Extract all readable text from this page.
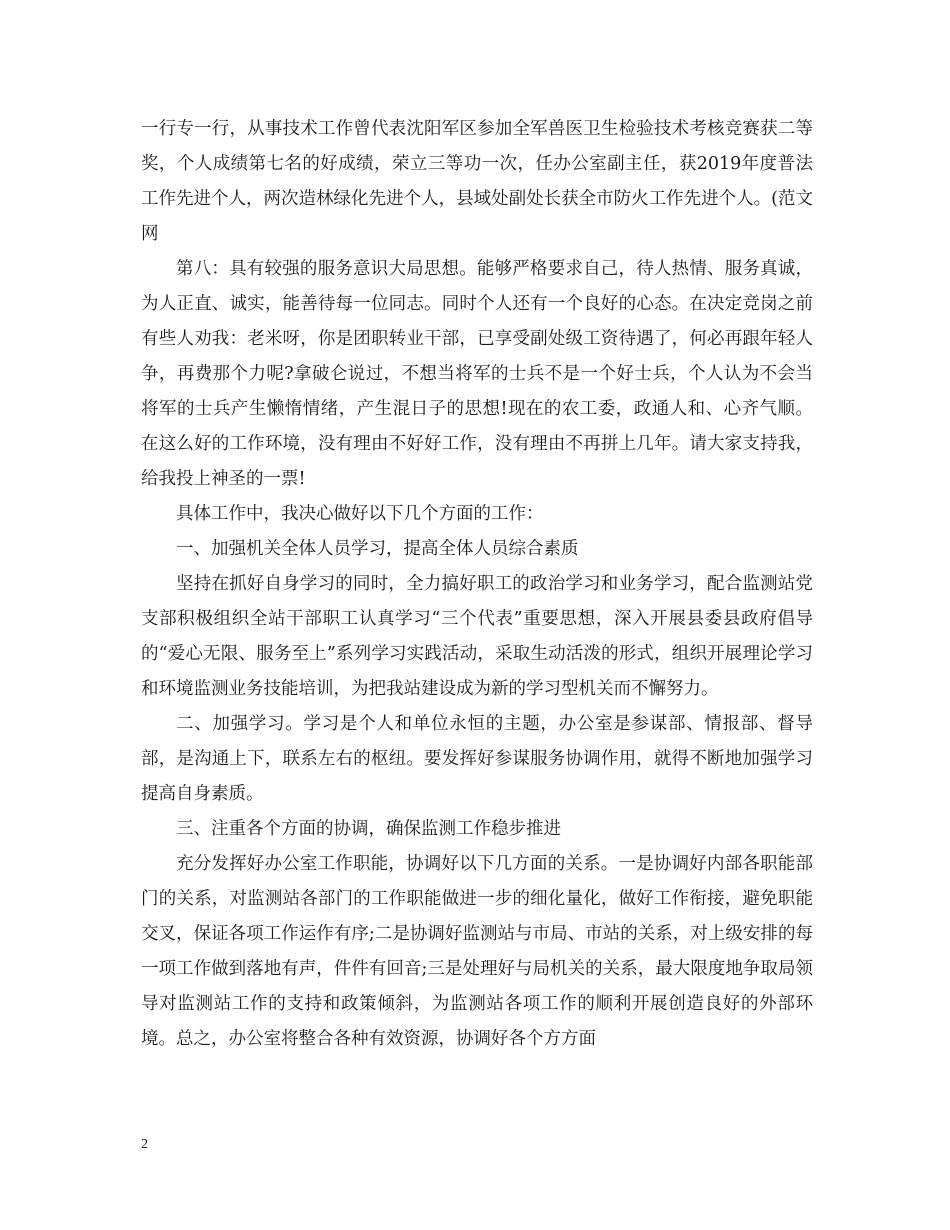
一行专一行，从事技术工作曾代表沈阳军区参加全军兽医卫生检验技术考核竞赛获二等奖，个人成绩第七名的好成绩，荣立三等功一次，任办公室副主任，获2019年度普法工作先进个人，两次造林绿化先进个人，县域处副处长获全市防火工作先进个人。(范文网

第八：具有较强的服务意识大局思想。能够严格要求自己，待人热情、服务真诚，为人正直、诚实，能善待每一位同志。同时个人还有一个良好的心态。在决定竞岗之前有些人劝我：老米呀，你是团职转业干部，已享受副处级工资待遇了，何必再跟年轻人争，再费那个力呢?拿破仑说过，不想当将军的士兵不是一个好士兵，个人认为不会当将军的士兵产生懒惰情绪，产生混日子的思想!现在的农工委，政通人和、心齐气顺。在这么好的工作环境，没有理由不好好工作，没有理由不再拼上几年。请大家支持我，给我投上神圣的一票!

具体工作中，我决心做好以下几个方面的工作：

一、加强机关全体人员学习，提高全体人员综合素质

坚持在抓好自身学习的同时，全力搞好职工的政治学习和业务学习，配合监测站党支部积极组织全站干部职工认真学习“三个代表”重要思想，深入开展县委县政府倡导的“爱心无限、服务至上”系列学习实践活动，采取生动活泼的形式，组织开展理论学习和环境监测业务技能培训，为把我站建设成为新的学习型机关而不懈努力。

二、加强学习。学习是个人和单位永恒的主题，办公室是参谋部、情报部、督导部，是沟通上下，联系左右的枢纽。要发挥好参谋服务协调作用，就得不断地加强学习提高自身素质。

三、注重各个方面的协调，确保监测工作稳步推进

充分发挥好办公室工作职能，协调好以下几方面的关系。一是协调好内部各职能部门的关系，对监测站各部门的工作职能做进一步的细化量化，做好工作衔接，避免职能交叉，保证各项工作运作有序;二是协调好监测站与市局、市站的关系，对上级安排的每一项工作做到落地有声，件件有回音;三是处理好与局机关的关系，最大限度地争取局领导对监测站工作的支持和政策倾斜，为监测站各项工作的顺利开展创造良好的外部环境。总之，办公室将整合各种有效资源，协调好各个方方面

2
